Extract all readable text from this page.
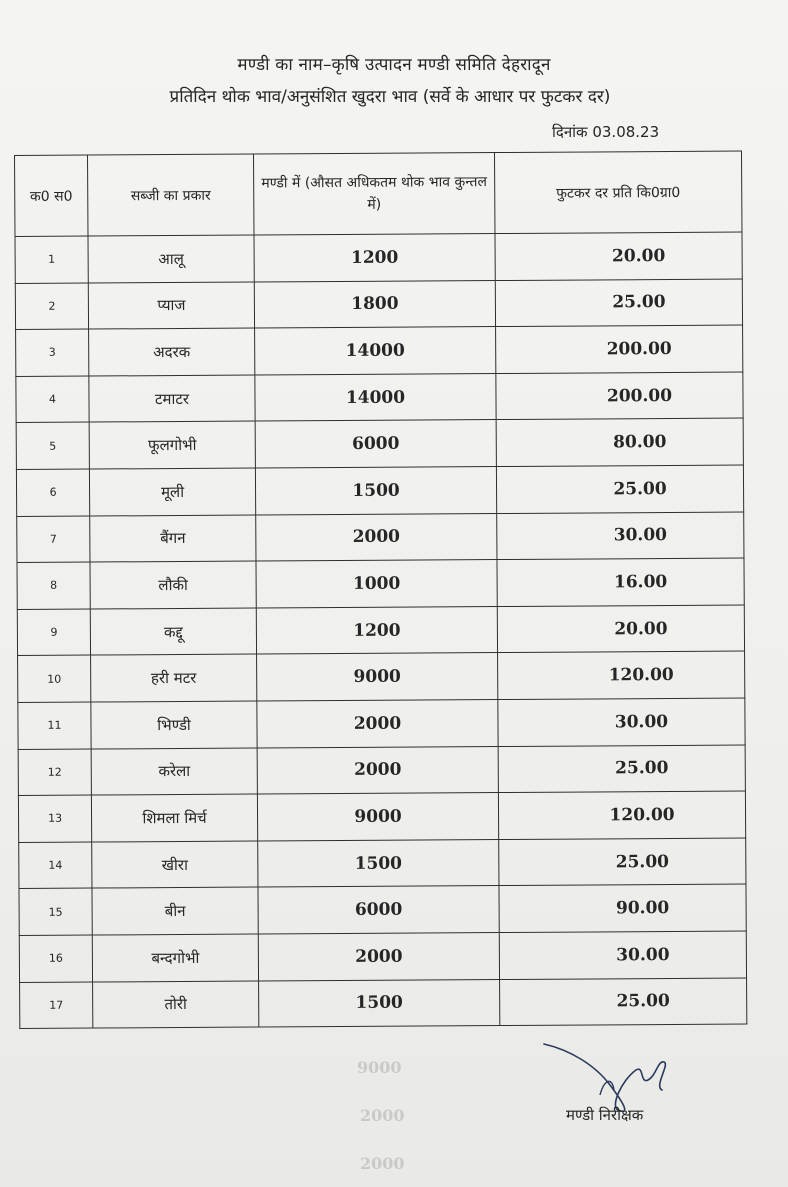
मण्डी का नाम–कृषि उत्पादन मण्डी समिति देहरादून
प्रतिदिन थोक भाव/अनुसंशित खुदरा भाव (सर्वे के आधार पर फुटकर दर)
दिनांक 03.08.23
क0 स0	सब्जी का प्रकार	मण्डी में (औसत अधिकतम थोक भाव कुन्तल में)	फुटकर दर प्रति कि0ग्रा0
1	आलू	1200	20.00
2	प्याज	1800	25.00
3	अदरक	14000	200.00
4	टमाटर	14000	200.00
5	फूलगोभी	6000	80.00
6	मूली	1500	25.00
7	बैंगन	2000	30.00
8	लौकी	1000	16.00
9	कद्दू	1200	20.00
10	हरी मटर	9000	120.00
11	भिण्डी	2000	30.00
12	करेला	2000	25.00
13	शिमला मिर्च	9000	120.00
14	खीरा	1500	25.00
15	बीन	6000	90.00
16	बन्दगोभी	2000	30.00
17	तोरी	1500	25.00
9000
2000
2000
मण्डी निरीक्षक
